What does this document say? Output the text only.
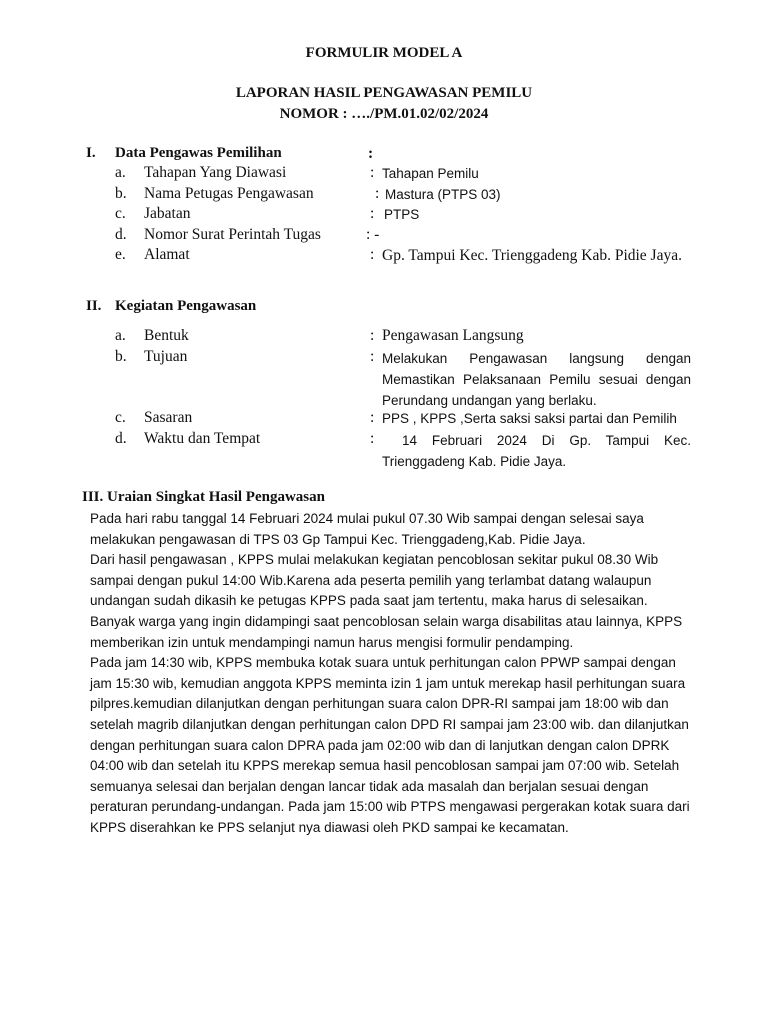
FORMULIR MODEL A
LAPORAN HASIL PENGAWASAN PEMILU
NOMOR : …./PM.01.02/02/2024
I. Data Pengawas Pemilihan	:
a. Tahapan Yang Diawasi	: Tahapan Pemilu
b. Nama Petugas Pengawasan	: Mastura (PTPS 03)
c. Jabatan	: PTPS
d. Nomor Surat Perintah Tugas	: -
e. Alamat	: Gp. Tampui Kec. Trienggadeng Kab. Pidie Jaya.
II. Kegiatan Pengawasan
a. Bentuk	: Pengawasan Langsung
b. Tujuan	: Melakukan Pengawasan langsung dengan Memastikan Pelaksanaan Pemilu sesuai dengan Perundang undangan yang berlaku.
c. Sasaran	: PPS , KPPS ,Serta saksi saksi partai dan Pemilih
d. Waktu dan Tempat	:	14 Februari 2024 Di Gp. Tampui Kec. Trienggadeng Kab. Pidie Jaya.
III. Uraian Singkat Hasil Pengawasan

Pada hari rabu tanggal 14 Februari 2024 mulai pukul 07.30 Wib sampai dengan selesai saya melakukan pengawasan di TPS 03 Gp Tampui Kec. Trienggadeng,Kab. Pidie Jaya.

Dari hasil pengawasan , KPPS mulai melakukan kegiatan pencoblosan sekitar pukul 08.30 Wib sampai dengan pukul 14:00 Wib.Karena ada peserta pemilih yang terlambat datang walaupun undangan sudah dikasih ke petugas KPPS pada saat jam tertentu, maka harus di selesaikan.

Banyak warga yang ingin didampingi saat pencoblosan selain warga disabilitas atau lainnya, KPPS memberikan izin untuk mendampingi namun harus mengisi formulir pendamping.

Pada jam 14:30 wib, KPPS membuka kotak suara untuk perhitungan calon PPWP sampai dengan jam 15:30 wib, kemudian anggota KPPS meminta izin 1 jam untuk merekap hasil perhitungan suara pilpres.kemudian dilanjutkan dengan perhitungan suara calon DPR-RI sampai jam 18:00 wib dan setelah magrib dilanjutkan dengan perhitungan calon DPD RI sampai jam 23:00 wib. dan dilanjutkan dengan perhitungan suara calon DPRA pada jam 02:00 wib dan di lanjutkan dengan calon DPRK 04:00 wib dan setelah itu KPPS merekap semua hasil pencoblosan sampai jam 07:00 wib. Setelah semuanya selesai dan berjalan dengan lancar tidak ada masalah dan berjalan sesuai dengan peraturan perundang-undangan. Pada jam 15:00 wib PTPS mengawasi pergerakan kotak suara dari KPPS diserahkan ke PPS selanjut nya diawasi oleh PKD sampai ke kecamatan.
